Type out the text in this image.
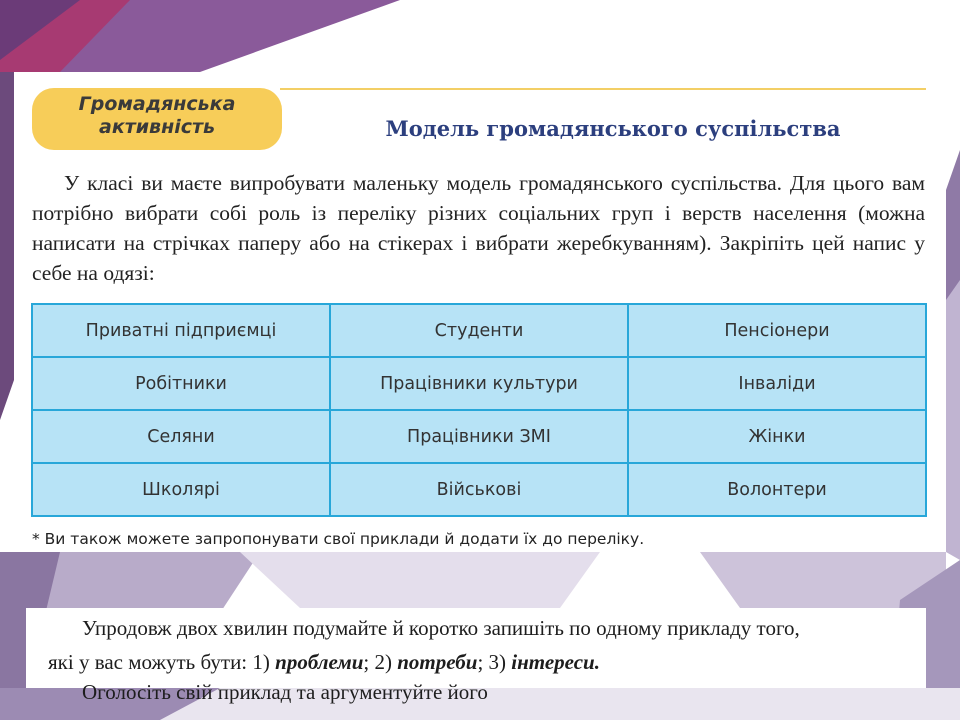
Громадянська
активність	Модель громадянського суспільства

У класі ви маєте випробувати маленьку модель громадянського суспільства. Для цього вам потрібно вибрати собі роль із переліку різних соціальних груп і верств населення (можна написати на стрічках паперу або на стікерах і вибрати жеребкуванням). Закріпіть цей напис у себе на одязі:

Приватні підприємці	Студенти	Пенсіонери
Робітники	Працівники культури	Інваліди
Селяни	Працівники ЗМІ	Жінки
Школярі	Військові	Волонтери
* Ви також можете запропонувати свої приклади й додати їх до переліку.

Упродовж двох хвилин подумайте й коротко запишіть по одному прикладу того,

які у вас можуть бути: 1) проблеми; 2) потреби; 3) інтереси.

Оголосіть свій приклад та аргументуйте його
